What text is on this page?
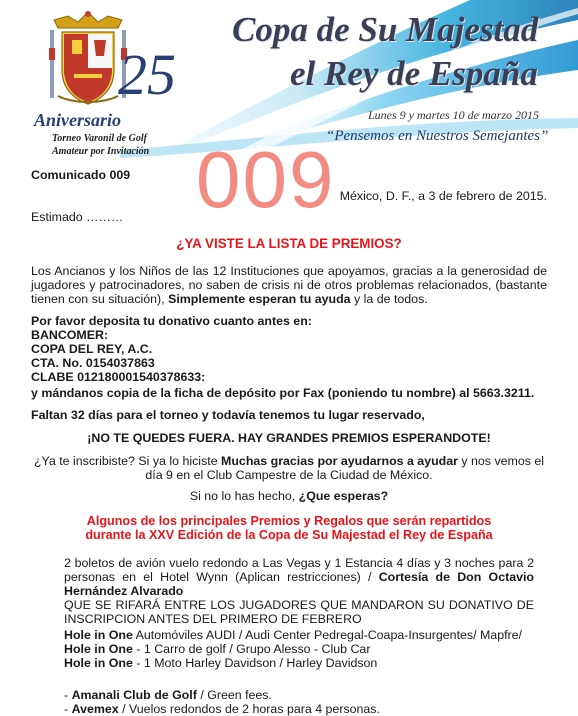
25
Aniversario
Torneo Varonil de Golf
Amateur por Invitación
Copa de Su Majestad
el Rey de España
Lunes 9 y martes 10 de marzo 2015
“Pensemos en Nuestros Semejantes”
009
Comunicado 009
México, D. F., a 3 de febrero de 2015.
Estimado ………
¿YA VISTE LA LISTA DE PREMIOS?
Los Ancianos y los Niños de las 12 Instituciones que apoyamos, gracias a la generosidad de jugadores y patrocinadores, no saben de crisis ni de otros problemas relacionados, (bastante tienen con su situación), Simplemente esperan tu ayuda y la de todos.
Por favor deposita tu donativo cuanto antes en:
BANCOMER:
COPA DEL REY, A.C.
CTA. No. 0154037863
CLABE 012180001540378633:
y mándanos copia de la ficha de depósito por Fax (poniendo tu nombre) al 5663.3211.
Faltan 32 días para el torneo y todavía tenemos tu lugar reservado,
¡NO TE QUEDES FUERA. HAY GRANDES PREMIOS ESPERANDOTE!
¿Ya te inscribiste? Si ya lo hiciste Muchas gracias por ayudarnos a ayudar y nos vemos el día 9 en el Club Campestre de la Ciudad de México.
Si no lo has hecho, ¿Que esperas?
Algunos de los principales Premios y Regalos que serán repartidos
durante la XXV Edición de la Copa de Su Majestad el Rey de España
2 boletos de avión vuelo redondo a Las Vegas y 1 Estancia 4 días y 3 noches para 2 personas en el Hotel Wynn (Aplican restricciones) / Cortesía de Don Octavio Hernández Alvarado
QUE SE RIFARÁ ENTRE LOS JUGADORES QUE MANDARON SU DONATIVO DE INSCRIPCION ANTES DEL PRIMERO DE FEBRERO
Hole in One Automóviles AUDI / Audi Center Pedregal-Coapa-Insurgentes/ Mapfre/
Hole in One - 1 Carro de golf / Grupo Alesso - Club Car
Hole in One - 1 Moto Harley Davidson / Harley Davidson
- Amanali Club de Golf / Green fees.
- Avemex / Vuelos redondos de 2 horas para 4 personas.
